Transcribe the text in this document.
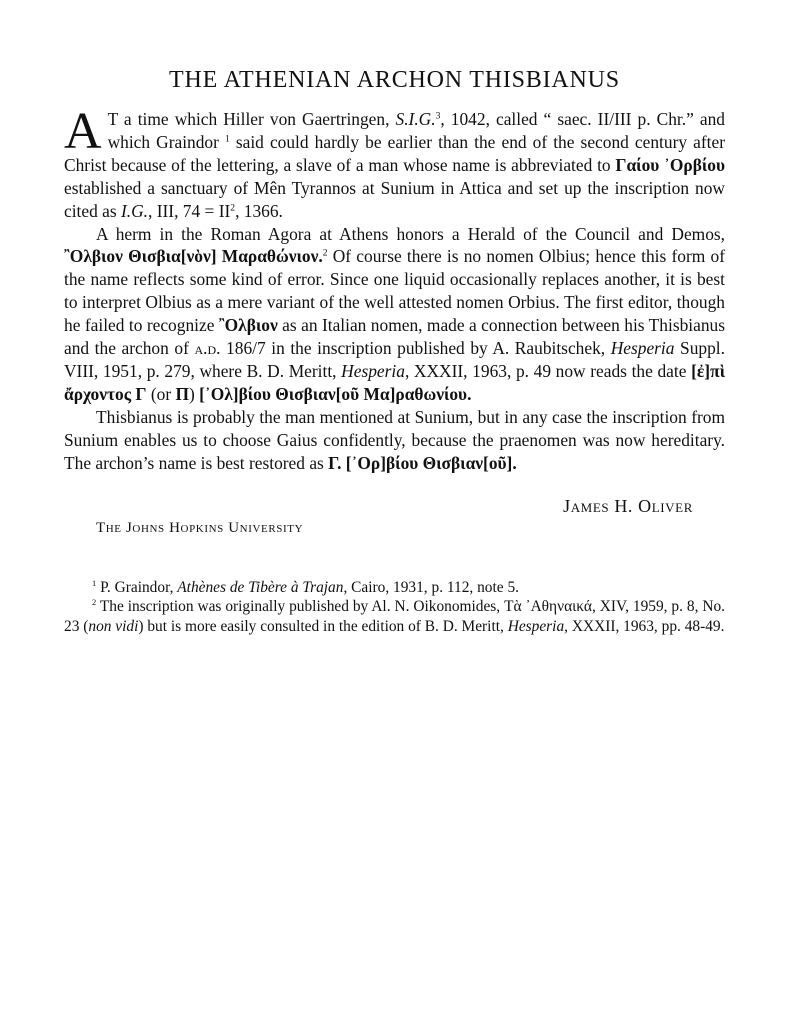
THE ATHENIAN ARCHON THISBIANUS

A T a time which Hiller von Gaertringen, S.I.G.$^3$, 1042, called “ saec. II/III p. Chr.” and which Graindor $^1$ said could hardly be earlier than the end of the second century after Christ because of the lettering, a slave of a man whose name is abbreviated to Γαίου ᾿Ορβίου established a sanctuary of Mên Tyrannos at Sunium in Attica and set up the inscription now cited as I.G., III, $74 = II^2$, 1366.

A herm in the Roman Agora at Athens honors a Herald of the Council and Demos, ῍Ολβιον Θισβια[νὸν] Μαραθώνιον.$^2$ Of course there is no nomen Olbius; hence this form of the name reflects some kind of error. Since one liquid occasionally replaces another, it is best to interpret Olbius as a mere variant of the well attested nomen Orbius. The first editor, though he failed to recognize ῍Ολβιον as an Italian nomen, made a connection between his Thisbianus and the archon of a.d. 186/7 in the inscription published by A. Raubitschek, Hesperia Suppl. VIII, 1951, p. 279, where B. D. Meritt, Hesperia, XXXII, 1963, p. 49 now reads the date [ἐ]πὶ ἄρχοντος Γ (or Π) [᾿Ολ]βίου Θισβιαν[οῦ Μα]ραθωνίου.

Thisbianus is probably the man mentioned at Sunium, but in any case the inscription from Sunium enables us to choose Gaius confidently, because the praenomen was now hereditary. The archon’s name is best restored as Γ. [᾿Ορ]βίου Θισβιαν[οῦ].

James H. Oliver
The Johns Hopkins University

$^1$ P. Graindor, Athènes de Tibère à Trajan, Cairo, 1931, p. 112, note 5.

$^2$ The inscription was originally published by Al. N. Oikonomides, Τὰ ᾿Αθηναικά, XIV, 1959, p. 8, No. 23 (non vidi) but is more easily consulted in the edition of B. D. Meritt, Hesperia, XXXII, 1963, pp. 48-49.
